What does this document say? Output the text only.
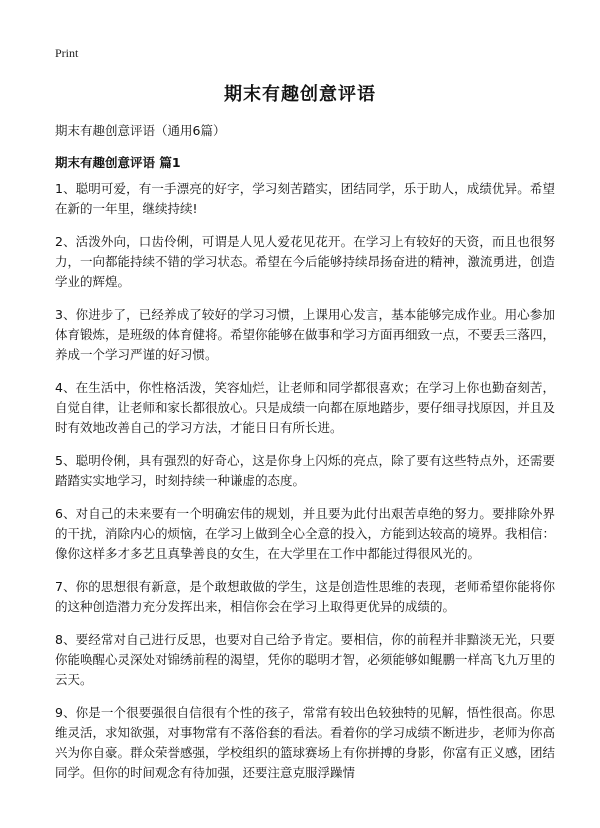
Print
期末有趣创意评语

期末有趣创意评语（通用6篇）

期末有趣创意评语 篇1

1、聪明可爱，有一手漂亮的好字，学习刻苦踏实，团结同学，乐于助人，成绩优异。希望在新的一年里，继续持续!

2、活泼外向，口齿伶俐，可谓是人见人爱花见花开。在学习上有较好的天资，而且也很努力，一向都能持续不错的学习状态。希望在今后能够持续昂扬奋进的精神，激流勇进，创造学业的辉煌。

3、你进步了，已经养成了较好的学习习惯，上课用心发言，基本能够完成作业。用心参加体育锻炼，是班级的体育健将。希望你能够在做事和学习方面再细致一点，不要丢三落四，养成一个学习严谨的好习惯。

4、在生活中，你性格活泼，笑容灿烂，让老师和同学都很喜欢；在学习上你也勤奋刻苦，自觉自律，让老师和家长都很放心。只是成绩一向都在原地踏步，要仔细寻找原因，并且及时有效地改善自己的学习方法，才能日日有所长进。

5、聪明伶俐，具有强烈的好奇心，这是你身上闪烁的亮点，除了要有这些特点外，还需要踏踏实实地学习，时刻持续一种谦虚的态度。

6、对自己的未来要有一个明确宏伟的规划，并且要为此付出艰苦卓绝的努力。要排除外界的干扰，消除内心的烦恼，在学习上做到全心全意的投入，方能到达较高的境界。我相信：像你这样多才多艺且真挚善良的女生，在大学里在工作中都能过得很风光的。

7、你的思想很有新意，是个敢想敢做的学生，这是创造性思维的表现，老师希望你能将你的这种创造潜力充分发挥出来，相信你会在学习上取得更优异的成绩的。

8、要经常对自己进行反思，也要对自己给予肯定。要相信，你的前程并非黯淡无光，只要你能唤醒心灵深处对锦绣前程的渴望，凭你的聪明才智，必须能够如鲲鹏一样高飞九万里的云天。

9、你是一个很要强很自信很有个性的孩子，常常有较出色较独特的见解，悟性很高。你思维灵活，求知欲强，对事物常有不落俗套的看法。看着你的学习成绩不断进步，老师为你高兴为你自豪。群众荣誉感强，学校组织的篮球赛场上有你拼搏的身影，你富有正义感，团结同学。但你的时间观念有待加强，还要注意克服浮躁情
